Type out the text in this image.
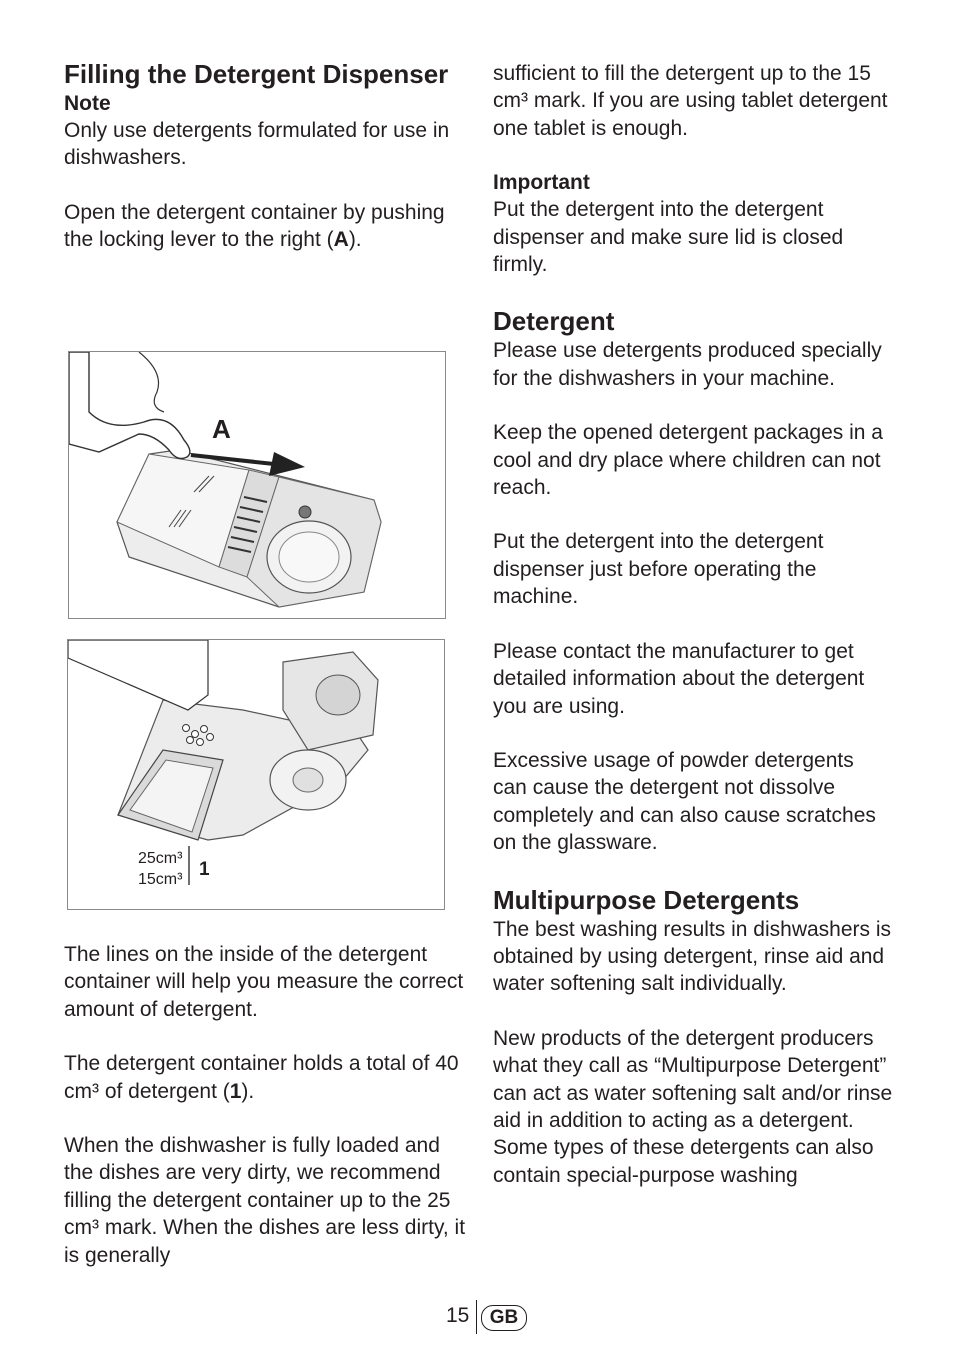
Filling the Detergent Dispenser
Note

Only use detergents formulated for use in dishwashers.

Open the detergent container by pushing the locking lever to the right (A).

A
25cm³
15cm³ 1

The lines on the inside of the detergent container will help you measure the correct amount of detergent.

The detergent container holds a total of 40 cm³ of detergent (1).

When the dishwasher is fully loaded and the dishes are very dirty, we recommend filling the detergent container up to the 25 cm³ mark. When the dishes are less dirty, it is generally

sufficient to fill the detergent up to the 15 cm³ mark. If you are using tablet detergent one tablet is enough.

Important

Put the detergent into the detergent dispenser and make sure lid is closed firmly.

Detergent

Please use detergents produced specially for the dishwashers in your machine.

Keep the opened detergent packages in a cool and dry place where children can not reach.

Put the detergent into the detergent dispenser just before operating the machine.

Please contact the manufacturer to get detailed information about the detergent you are using.

Excessive usage of powder detergents can cause the detergent not dissolve completely and can also cause scratches on the glassware.

Multipurpose Detergents

The best washing results in dishwashers is obtained by using detergent, rinse aid and water softening salt individually.

New products of the detergent producers what they call as “Multipurpose Detergent” can act as water softening salt and/or rinse aid in addition to acting as a detergent. Some types of these detergents can also contain special-purpose washing

15	GB
